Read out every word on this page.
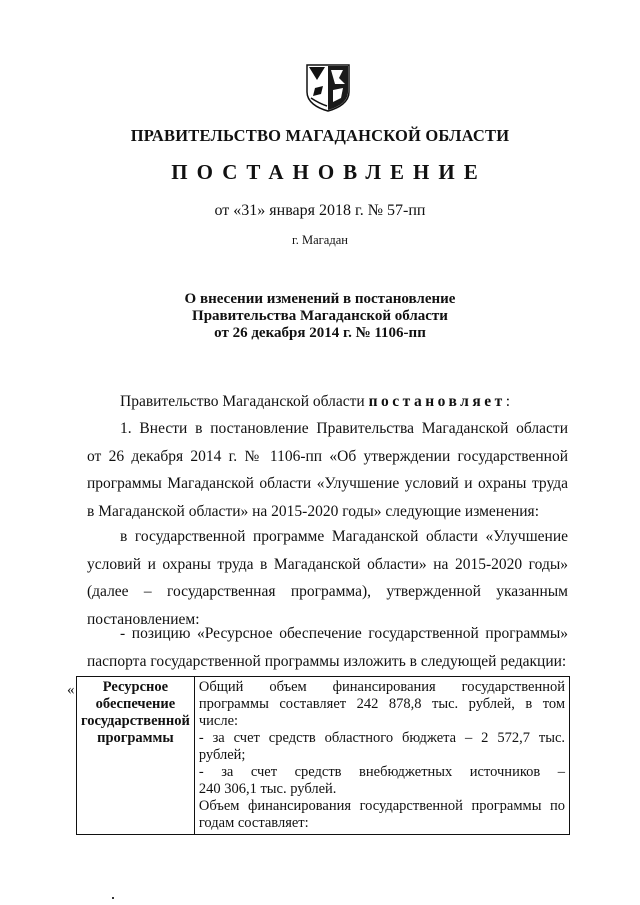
ПРАВИТЕЛЬСТВО МАГАДАНСКОЙ ОБЛАСТИ
ПОСТАНОВЛЕНИЕ
от «31» января 2018 г. № 57-пп
г. Магадан
О внесении изменений в постановление
Правительства Магаданской области
от 26 декабря 2014 г. № 1106-пп
Правительство Магаданской области постановляет:
1. Внести в постановление Правительства Магаданской области
от 26 декабря 2014 г. № 1106-пп «Об утверждении государственной
программы Магаданской области «Улучшение условий и охраны труда
в Магаданской области» на 2015-2020 годы» следующие изменения:
в государственной программе Магаданской области «Улучшение
условий и охраны труда в Магаданской области» на 2015-2020 годы»
(далее – государственная программа), утвержденной указанным
постановлением:
- позицию «Ресурсное обеспечение государственной программы»
паспорта государственной программы изложить в следующей редакции:
«	Ресурсное
обеспечение
государственной
программы

Общий объем финансирования государственной
программы составляет 242 878,8 тыс. рублей, в том
числе:
- за счет средств областного бюджета – 2 572,7 тыс.
рублей;
- за счет средств внебюджетных источников –
240 306,1 тыс. рублей.
Объем финансирования государственной программы по
годам составляет:
